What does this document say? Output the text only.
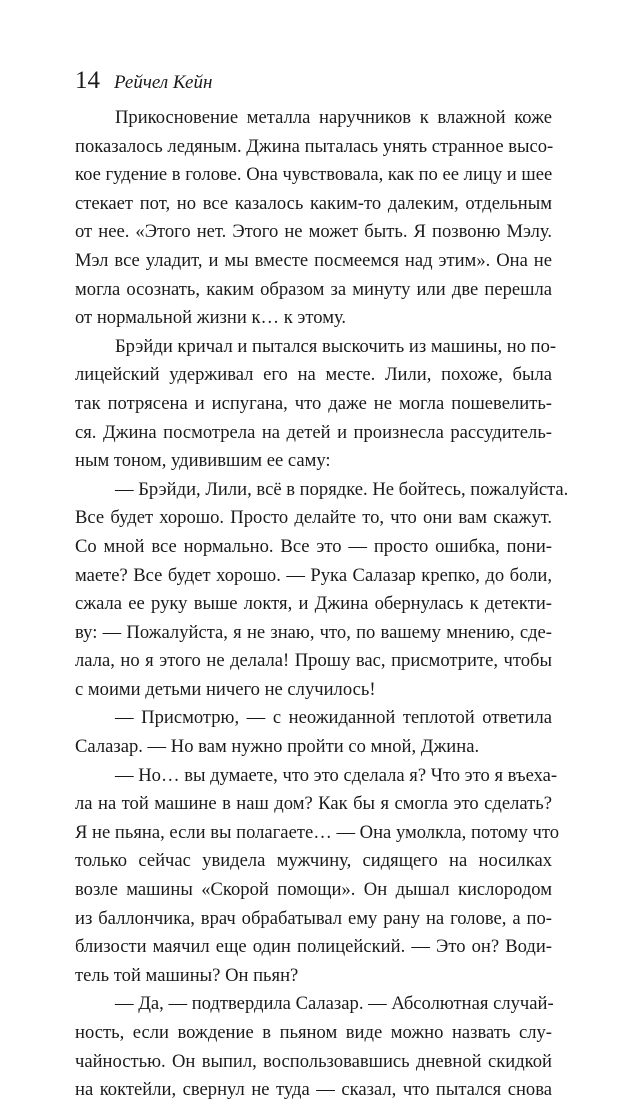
14 Рейчел Кейн
Прикосновение металла наручников к влажной коже
показалось ледяным. Джина пыталась унять странное высо-
кое гудение в голове. Она чувствовала, как по ее лицу и шее
стекает пот, но все казалось каким-то далеким, отдельным
от нее. «Этого нет. Этого не может быть. Я позвоню Мэлу.
Мэл все уладит, и мы вместе посмеемся над этим». Она не
могла осознать, каким образом за минуту или две перешла
от нормальной жизни к… к этому.
Брэйди кричал и пытался выскочить из машины, но по-
лицейский удерживал его на месте. Лили, похоже, была
так потрясена и испугана, что даже не могла пошевелить-
ся. Джина посмотрела на детей и произнесла рассудитель-
ным тоном, удивившим ее саму:
— Брэйди, Лили, всё в порядке. Не бойтесь, пожалуйста.
Все будет хорошо. Просто делайте то, что они вам скажут.
Со мной все нормально. Все это — просто ошибка, пони-
маете? Все будет хорошо. — Рука Салазар крепко, до боли,
сжала ее руку выше локтя, и Джина обернулась к детекти-
ву: — Пожалуйста, я не знаю, что, по вашему мнению, сде-
лала, но я этого не делала! Прошу вас, присмотрите, чтобы
с моими детьми ничего не случилось!
— Присмотрю, — с неожиданной теплотой ответила
Салазар. — Но вам нужно пройти со мной, Джина.
— Но… вы думаете, что это сделала я? Что это я въеха-
ла на той машине в наш дом? Как бы я смогла это сделать?
Я не пьяна, если вы полагаете… — Она умолкла, потому что
только сейчас увидела мужчину, сидящего на носилках
возле машины «Скорой помощи». Он дышал кислородом
из баллончика, врач обрабатывал ему рану на голове, а по-
близости маячил еще один полицейский. — Это он? Води-
тель той машины? Он пьян?
— Да, — подтвердила Салазар. — Абсолютная случай-
ность, если вождение в пьяном виде можно назвать слу-
чайностью. Он выпил, воспользовавшись дневной скидкой
на коктейли, свернул не туда — сказал, что пытался снова
